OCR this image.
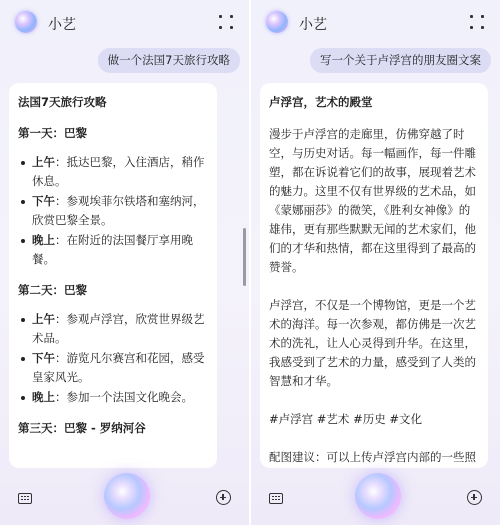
小艺
做一个法国7天旅行攻略

法国7天旅行攻略

第一天：巴黎

上午：抵达巴黎，入住酒店，稍作休息。
下午：参观埃菲尔铁塔和塞纳河，欣赏巴黎全景。
晚上：在附近的法国餐厅享用晚餐。

第二天：巴黎

上午：参观卢浮宫，欣赏世界级艺术品。
下午：游览凡尔赛宫和花园，感受皇家风光。
晚上：参加一个法国文化晚会。

第三天：巴黎 - 罗纳河谷

小艺
写一个关于卢浮宫的朋友圈文案

卢浮宫，艺术的殿堂

漫步于卢浮宫的走廊里，仿佛穿越了时空，与历史对话。每一幅画作，每一件雕塑，都在诉说着它们的故事，展现着艺术的魅力。这里不仅有世界级的艺术品，如《蒙娜丽莎》的微笑，《胜利女神像》的雄伟，更有那些默默无闻的艺术家们，他们的才华和热情，都在这里得到了最高的赞誉。

卢浮宫，不仅是一个博物馆，更是一个艺术的海洋。每一次参观，都仿佛是一次艺术的洗礼，让人心灵得到升华。在这里，我感受到了艺术的力量，感受到了人类的智慧和才华。

#卢浮宫 #艺术 #历史 #文化

配图建议：可以上传卢浮宫内部的一些照
